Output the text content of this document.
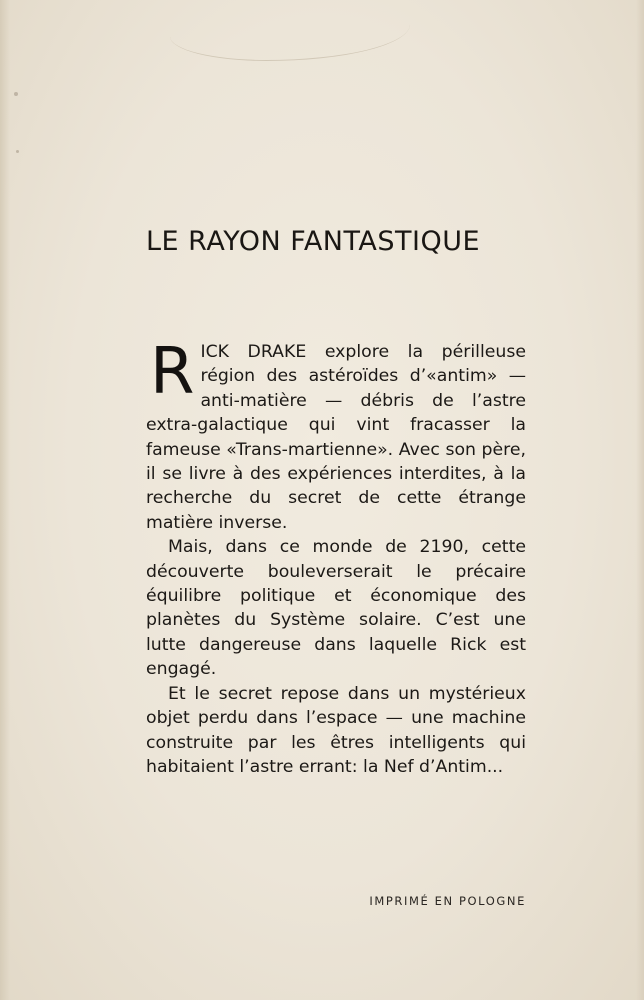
LE RAYON FANTASTIQUE

RICK DRAKE explore la périlleuse région des astéroïdes d’«antim» — anti-matière — débris de l’astre extra-galactique qui vint fracasser la fameuse «Trans-martienne». Avec son père, il se livre à des expériences interdites, à la recherche du secret de cette étrange matière inverse.

Mais, dans ce monde de 2190, cette découverte bouleverserait le précaire équilibre politique et économique des planètes du Système solaire. C’est une lutte dangereuse dans laquelle Rick est engagé.

Et le secret repose dans un mystérieux objet perdu dans l’espace — une machine construite par les êtres intelligents qui habitaient l’astre errant: la Nef d’Antim...

IMPRIMÉ EN POLOGNE
